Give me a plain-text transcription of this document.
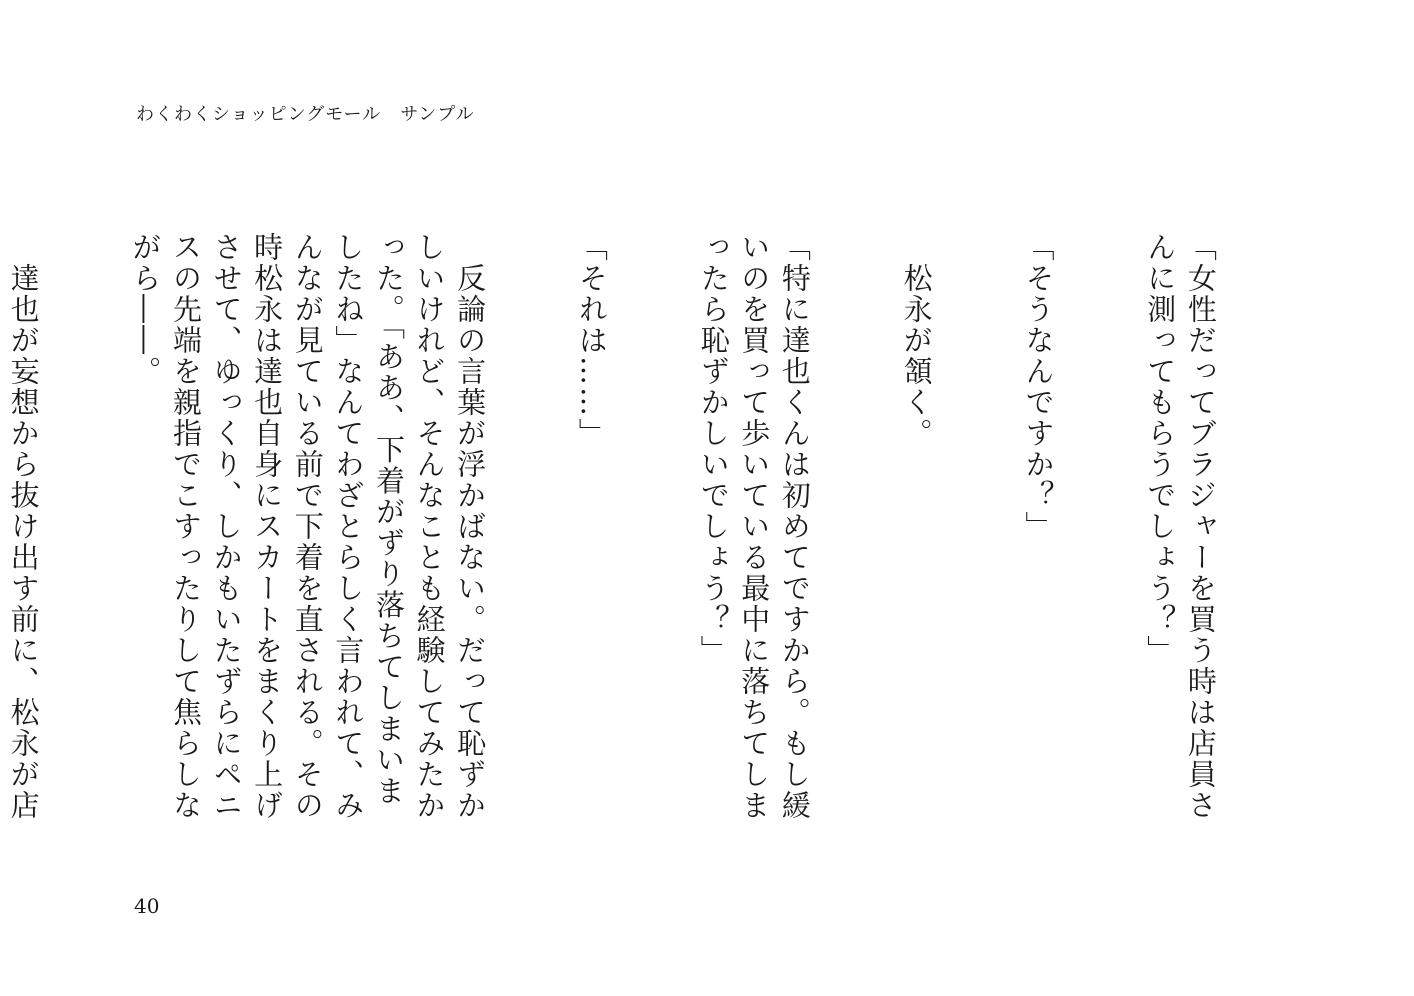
わくわくショッピングモール　サンプル

「女性だってブラジャーを買う時は店員さんに測ってもらうでしょう？」

「そうなんですか？」

　松永が頷く。

「特に達也くんは初めてですから。もし緩いのを買って歩いている最中に落ちてしまったら恥ずかしいでしょう？」

「それは……」

　反論の言葉が浮かばない。だって恥ずかしいけれど、そんなことも経験してみたかった。「ああ、下着がずり落ちてしまいましたね」なんてわざとらしく言われて、みんなが見ている前で下着を直される。その時松永は達也自身にスカートをまくり上げさせて、ゆっくり、しかもいたずらにペニスの先端を親指でこすったりして焦らしながら――。

　達也が妄想から抜け出す前に、松永が店

40
